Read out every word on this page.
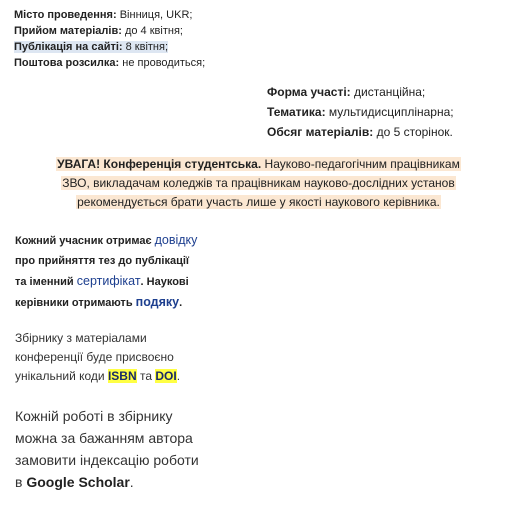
Місто проведення: Вінниця, UKR;
Прийом матеріалів: до 4 квітня;
Публікація на сайті: 8 квітня;
Поштова розсилка: не проводиться;
Форма участі: дистанційна;
Тематика: мультидисциплінарна;
Обсяг матеріалів: до 5 сторінок.
УВАГА! Конференція студентська. Науково-педагогічним працівникам
ЗВО, викладачам коледжів та працівникам науково-дослідних установ
рекомендується брати участь лише у якості наукового керівника.
Кожний учасник отримає довідку
про прийняття тез до публікації
та іменний сертифікат. Наукові
керівники отримають подяку.
Збірнику з матеріалами
конференції буде присвоєно
унікальний коди ISBN та DOI.
Кожній роботі в збірнику
можна за бажанням автора
замовити індексацію роботи
в Google Scholar.
